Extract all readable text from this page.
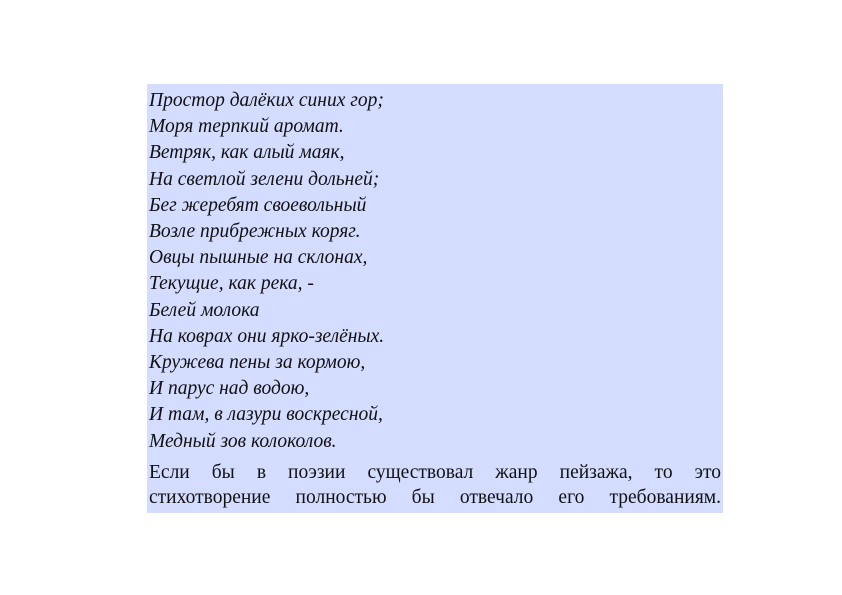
Простор далёких синих гор;
Моря терпкий аромат.
Ветряк, как алый маяк,
На светлой зелени дольней;
Бег жеребят своевольный
Возле прибрежных коряг.
Овцы пышные на склонах,
Текущие, как река, -
Белей молока
На коврах они ярко-зелёных.
Кружева пены за кормою,
И парус над водою,
И там, в лазури воскресной,
Медный зов колоколов.
Если бы в поэзии существовал жанр пейзажа, то это
стихотворение полностью бы отвечало его требованиям.
